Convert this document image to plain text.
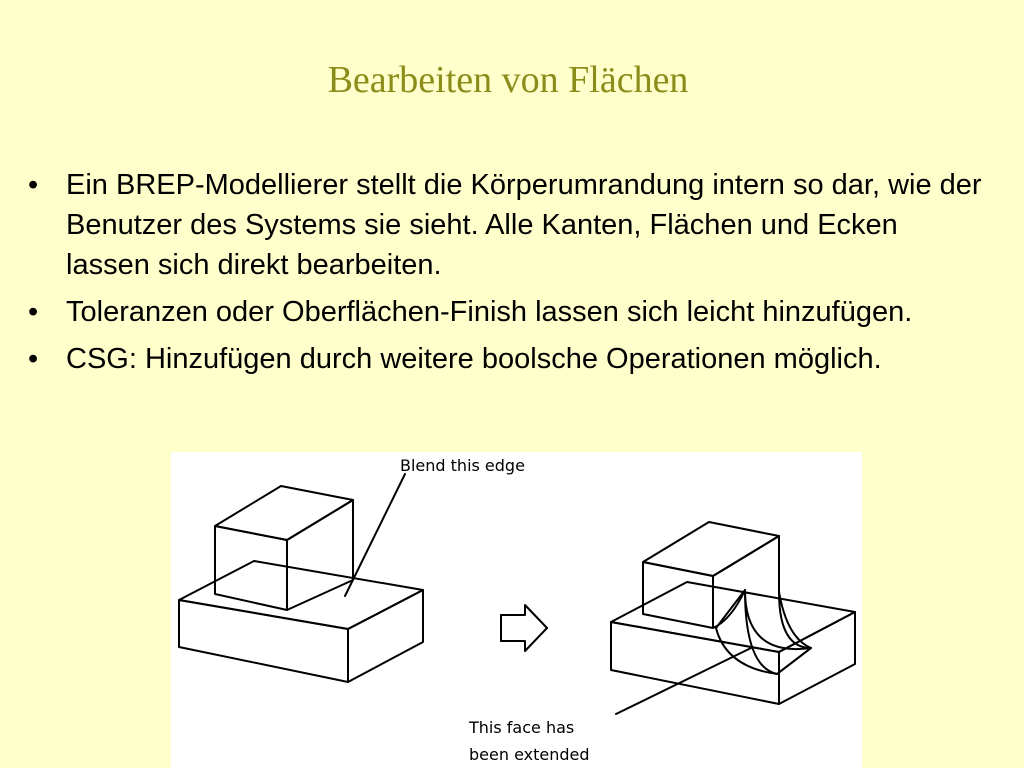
Bearbeiten von Flächen
• Ein BREP-Modellierer stellt die Körperumrandung intern so dar, wie der Benutzer des Systems sie sieht. Alle Kanten, Flächen und Ecken lassen sich direkt bearbeiten.
• Toleranzen oder Oberflächen-Finish lassen sich leicht hinzufügen.
• CSG: Hinzufügen durch weitere boolsche Operationen möglich.
Blend this edge
This face has
been extended
